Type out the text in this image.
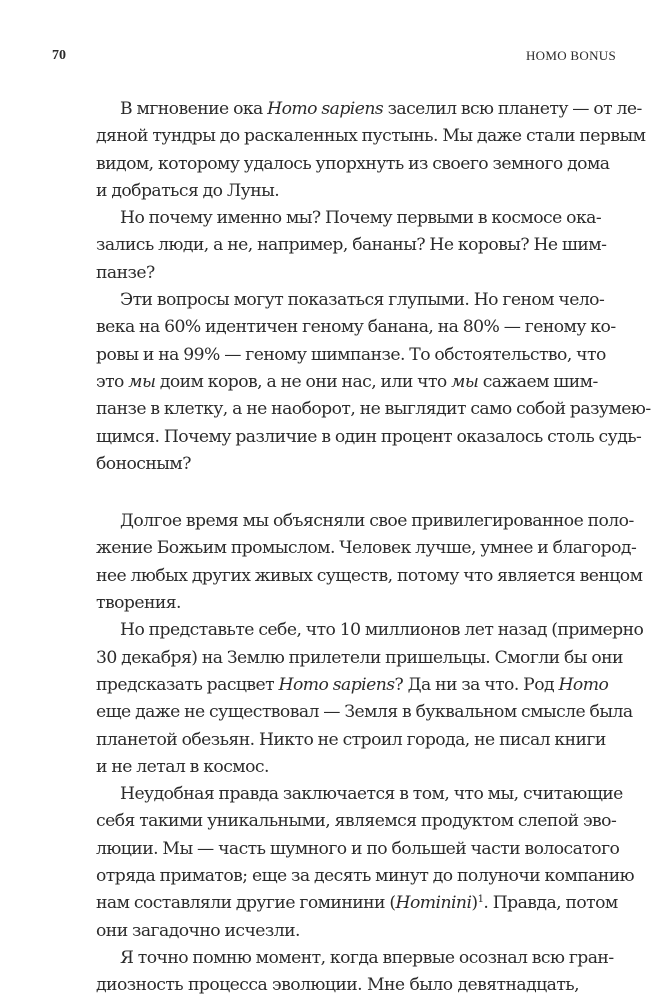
70	HOMO BONUS
В мгновение ока Homo sapiens заселил всю планету — от ле-
дяной тундры до раскаленных пустынь. Мы даже стали первым
видом, которому удалось упорхнуть из своего земного дома
и добраться до Луны.
Но почему именно мы? Почему первыми в космосе ока-
зались люди, а не, например, бананы? Не коровы? Не шим-
панзе?
Эти вопросы могут показаться глупыми. Но геном чело-
века на 60% идентичен геному банана, на 80% — геному ко-
ровы и на 99% — геному шимпанзе. То обстоятельство, что
это мы доим коров, а не они нас, или что мы сажаем шим-
панзе в клетку, а не наоборот, не выглядит само собой разумею-
щимся. Почему различие в один процент оказалось столь судь-
боносным?
Долгое время мы объясняли свое привилегированное поло-
жение Божьим промыслом. Человек лучше, умнее и благород-
нее любых других живых существ, потому что является венцом
творения.
Но представьте себе, что 10 миллионов лет назад (примерно
30 декабря) на Землю прилетели пришельцы. Смогли бы они
предсказать расцвет Homo sapiens? Да ни за что. Род Homo
еще даже не существовал — Земля в буквальном смысле была
планетой обезьян. Никто не строил города, не писал книги
и не летал в космос.
Неудобная правда заключается в том, что мы, считающие
себя такими уникальными, являемся продуктом слепой эво-
люции. Мы — часть шумного и по большей части волосатого
отряда приматов; еще за десять минут до полуночи компанию
нам составляли другие гоминини (Hominini)$^1$. Правда, потом
они загадочно исчезли.
Я точно помню момент, когда впервые осознал всю гран-
диозность процесса эволюции. Мне было девятнадцать,
